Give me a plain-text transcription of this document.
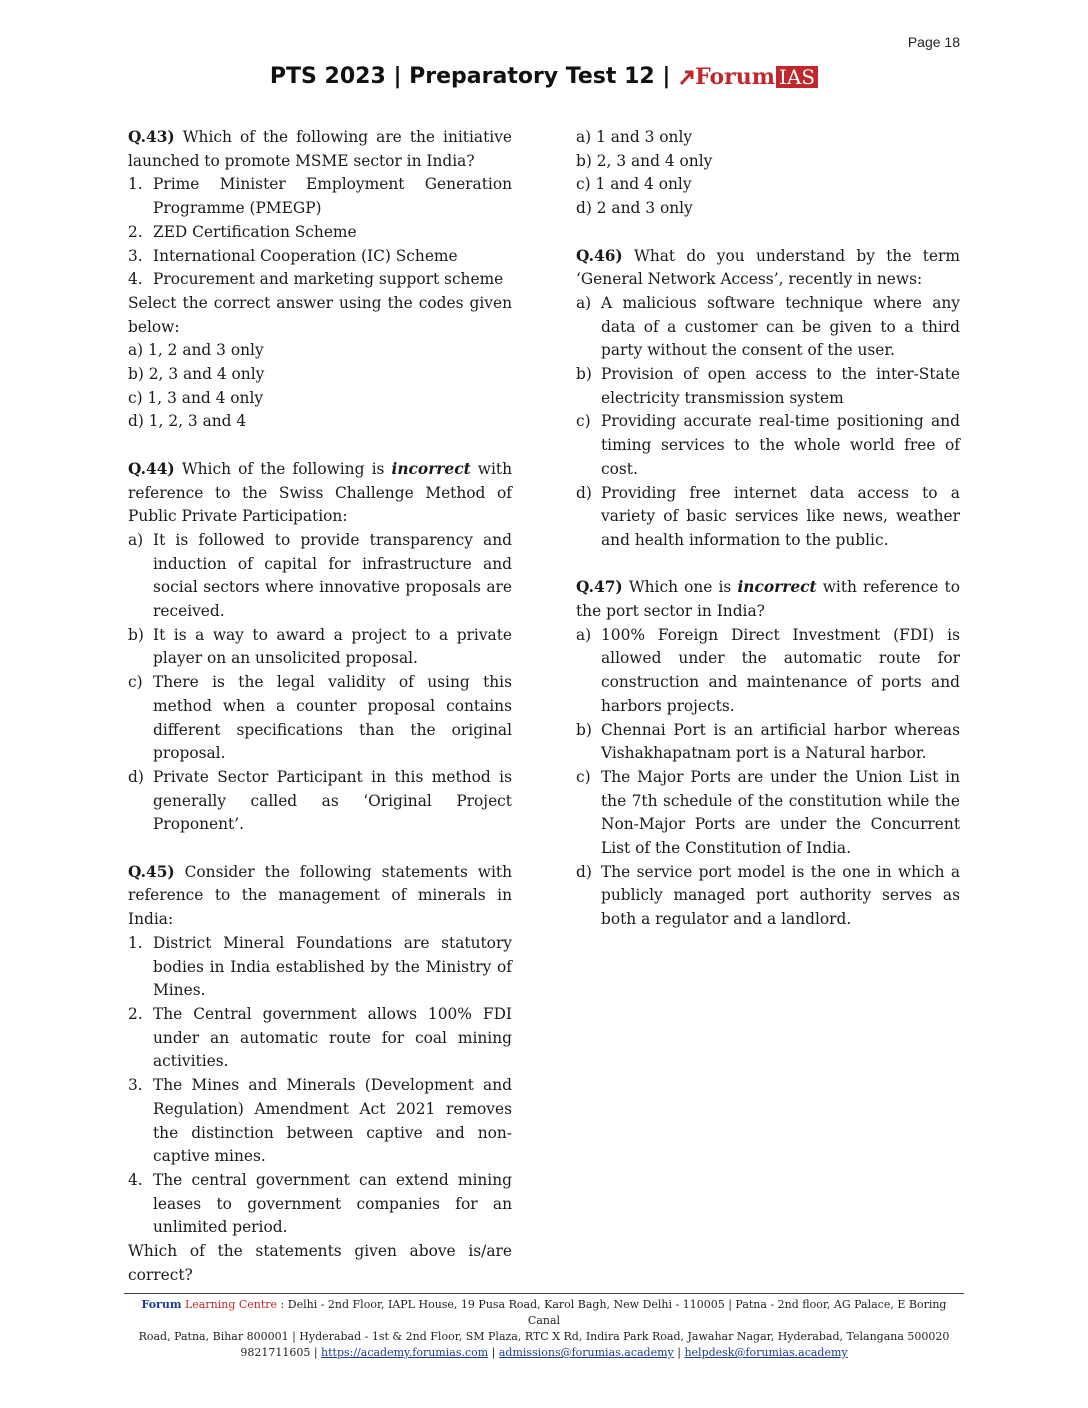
Page 18
PTS 2023 | Preparatory Test 12 | Forum IAS
Q.43) Which of the following are the initiative launched to promote MSME sector in India?
1. Prime Minister Employment Generation Programme (PMEGP)
2. ZED Certification Scheme
3. International Cooperation (IC) Scheme
4. Procurement and marketing support scheme
Select the correct answer using the codes given below:
a) 1, 2 and 3 only
b) 2, 3 and 4 only
c) 1, 3 and 4 only
d) 1, 2, 3 and 4
Q.44) Which of the following is incorrect with reference to the Swiss Challenge Method of Public Private Participation:
a) It is followed to provide transparency and induction of capital for infrastructure and social sectors where innovative proposals are received.
b) It is a way to award a project to a private player on an unsolicited proposal.
c) There is the legal validity of using this method when a counter proposal contains different specifications than the original proposal.
d) Private Sector Participant in this method is generally called as ‘Original Project Proponent’.
Q.45) Consider the following statements with reference to the management of minerals in India:
1. District Mineral Foundations are statutory bodies in India established by the Ministry of Mines.
2. The Central government allows 100% FDI under an automatic route for coal mining activities.
3. The Mines and Minerals (Development and Regulation) Amendment Act 2021 removes the distinction between captive and non-captive mines.
4. The central government can extend mining leases to government companies for an unlimited period.
Which of the statements given above is/are correct?
a) 1 and 3 only
b) 2, 3 and 4 only
c) 1 and 4 only
d) 2 and 3 only
Q.46) What do you understand by the term ‘General Network Access’, recently in news:
a) A malicious software technique where any data of a customer can be given to a third party without the consent of the user.
b) Provision of open access to the inter-State electricity transmission system
c) Providing accurate real-time positioning and timing services to the whole world free of cost.
d) Providing free internet data access to a variety of basic services like news, weather and health information to the public.
Q.47) Which one is incorrect with reference to the port sector in India?
a) 100% Foreign Direct Investment (FDI) is allowed under the automatic route for construction and maintenance of ports and harbors projects.
b) Chennai Port is an artificial harbor whereas Vishakhapatnam port is a Natural harbor.
c) The Major Ports are under the Union List in the 7th schedule of the constitution while the Non-Major Ports are under the Concurrent List of the Constitution of India.
d) The service port model is the one in which a publicly managed port authority serves as both a regulator and a landlord.
Forum Learning Centre : Delhi - 2nd Floor, IAPL House, 19 Pusa Road, Karol Bagh, New Delhi - 110005 | Patna - 2nd floor, AG Palace, E Boring Canal
Road, Patna, Bihar 800001 | Hyderabad - 1st & 2nd Floor, SM Plaza, RTC X Rd, Indira Park Road, Jawahar Nagar, Hyderabad, Telangana 500020
9821711605 | https://academy.forumias.com | admissions@forumias.academy | helpdesk@forumias.academy
